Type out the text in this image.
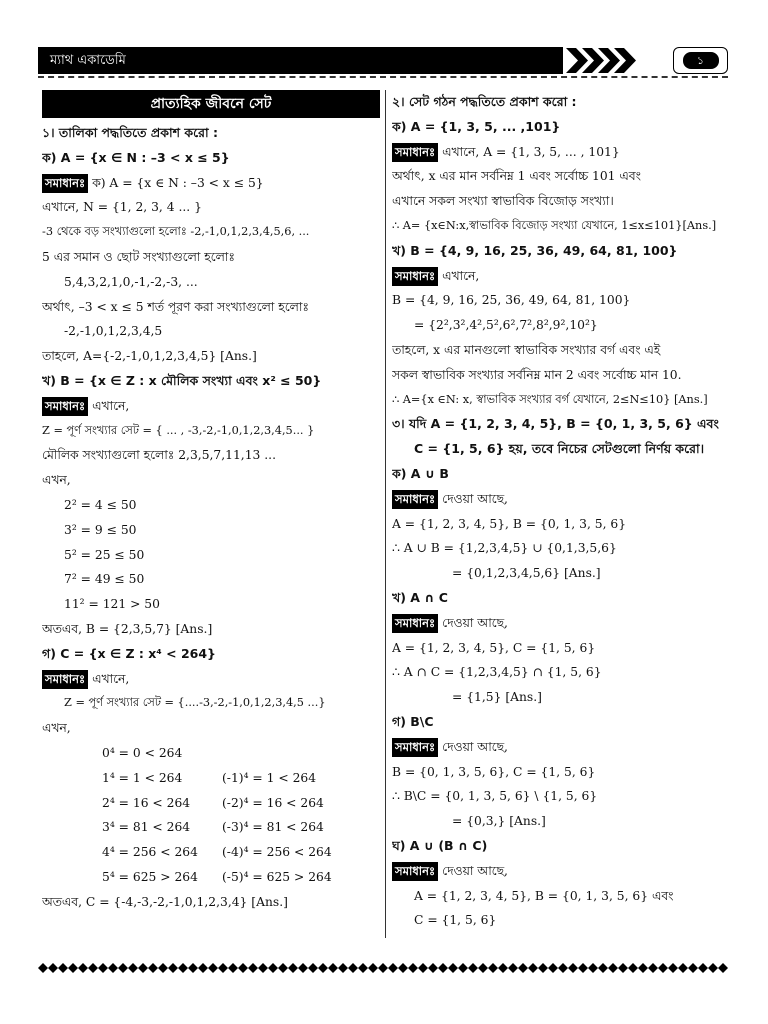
ম্যাথ একাডেমি	১
প্রাত্যহিক জীবনে সেট
১। তালিকা পদ্ধতিতে প্রকাশ করো :
ক) A = {x ∈ N : –3 < x ≤ 5}
সমাধানঃ ক) A = {x ∈ N : –3 < x ≤ 5}
এখানে, N = {1, 2, 3, 4 ... }
-3 থেকে বড় সংখ্যাগুলো হলোঃ -2,-1,0,1,2,3,4,5,6, ...
5 এর সমান ও ছোট সংখ্যাগুলো হলোঃ
5,4,3,2,1,0,-1,-2,-3, ...
অর্থাৎ, –3 < x ≤ 5 শর্ত পূরণ করা সংখ্যাগুলো হলোঃ
-2,-1,0,1,2,3,4,5
তাহলে, A={-2,-1,0,1,2,3,4,5} [Ans.]
খ) B = {x ∈ Z : x মৌলিক সংখ্যা এবং x² ≤ 50}
সমাধানঃ এখানে,
Z = পূর্ণ সংখ্যার সেট = { ... , -3,-2,-1,0,1,2,3,4,5... }
মৌলিক সংখ্যাগুলো হলোঃ 2,3,5,7,11,13 ...
এখন,
2² = 4 ≤ 50
3² = 9 ≤ 50
5² = 25 ≤ 50
7² = 49 ≤ 50
11² = 121 > 50
অতএব, B = {2,3,5,7} [Ans.]
গ) C = {x ∈ Z : x⁴ < 264}
সমাধানঃ এখানে,
Z = পূর্ণ সংখ্যার সেট = {....-3,-2,-1,0,1,2,3,4,5 ...}
এখন,
0⁴ = 0 < 264
1⁴ = 1 < 264	(-1)⁴ = 1 < 264
2⁴ = 16 < 264	(-2)⁴ = 16 < 264
3⁴ = 81 < 264	(-3)⁴ = 81 < 264
4⁴ = 256 < 264	(-4)⁴ = 256 < 264
5⁴ = 625 > 264	(-5)⁴ = 625 > 264
অতএব, C = {-4,-3,-2,-1,0,1,2,3,4} [Ans.]
২। সেট গঠন পদ্ধতিতে প্রকাশ করো :
ক) A = {1, 3, 5, ... ,101}
সমাধানঃ এখানে, A = {1, 3, 5, ... , 101}
অর্থাৎ, x এর মান সর্বনিম্ন 1 এবং সর্বোচ্চ 101 এবং
এখানে সকল সংখ্যা স্বাভাবিক বিজোড় সংখ্যা।
∴ A= {x∈N:x,স্বাভাবিক বিজোড় সংখ্যা যেখানে, 1≤x≤101}[Ans.]
খ) B = {4, 9, 16, 25, 36, 49, 64, 81, 100}
সমাধানঃ এখানে,
B = {4, 9, 16, 25, 36, 49, 64, 81, 100}
= {2²,3²,4²,5²,6²,7²,8²,9²,10²}
তাহলে, x এর মানগুলো স্বাভাবিক সংখ্যার বর্গ এবং এই
সকল স্বাভাবিক সংখ্যার সর্বনিম্ন মান 2 এবং সর্বোচ্চ মান 10.
∴ A={x ∈N: x, স্বাভাবিক সংখ্যার বর্গ যেখানে, 2≤N≤10} [Ans.]
৩। যদি A = {1, 2, 3, 4, 5}, B = {0, 1, 3, 5, 6} এবং
C = {1, 5, 6} হয়, তবে নিচের সেটগুলো নির্ণয় করো।
ক) A ∪ B
সমাধানঃ দেওয়া আছে,
A = {1, 2, 3, 4, 5}, B = {0, 1, 3, 5, 6}
∴ A ∪ B = {1,2,3,4,5} ∪ {0,1,3,5,6}
= {0,1,2,3,4,5,6} [Ans.]
খ) A ∩ C
সমাধানঃ দেওয়া আছে,
A = {1, 2, 3, 4, 5}, C = {1, 5, 6}
∴ A ∩ C = {1,2,3,4,5} ∩ {1, 5, 6}
= {1,5} [Ans.]
গ) B\C
সমাধানঃ দেওয়া আছে,
B = {0, 1, 3, 5, 6}, C = {1, 5, 6}
∴ B\C = {0, 1, 3, 5, 6} \ {1, 5, 6}
= {0,3,} [Ans.]
ঘ) A ∪ (B ∩ C)
সমাধানঃ দেওয়া আছে,
A = {1, 2, 3, 4, 5}, B = {0, 1, 3, 5, 6} এবং
C = {1, 5, 6}
